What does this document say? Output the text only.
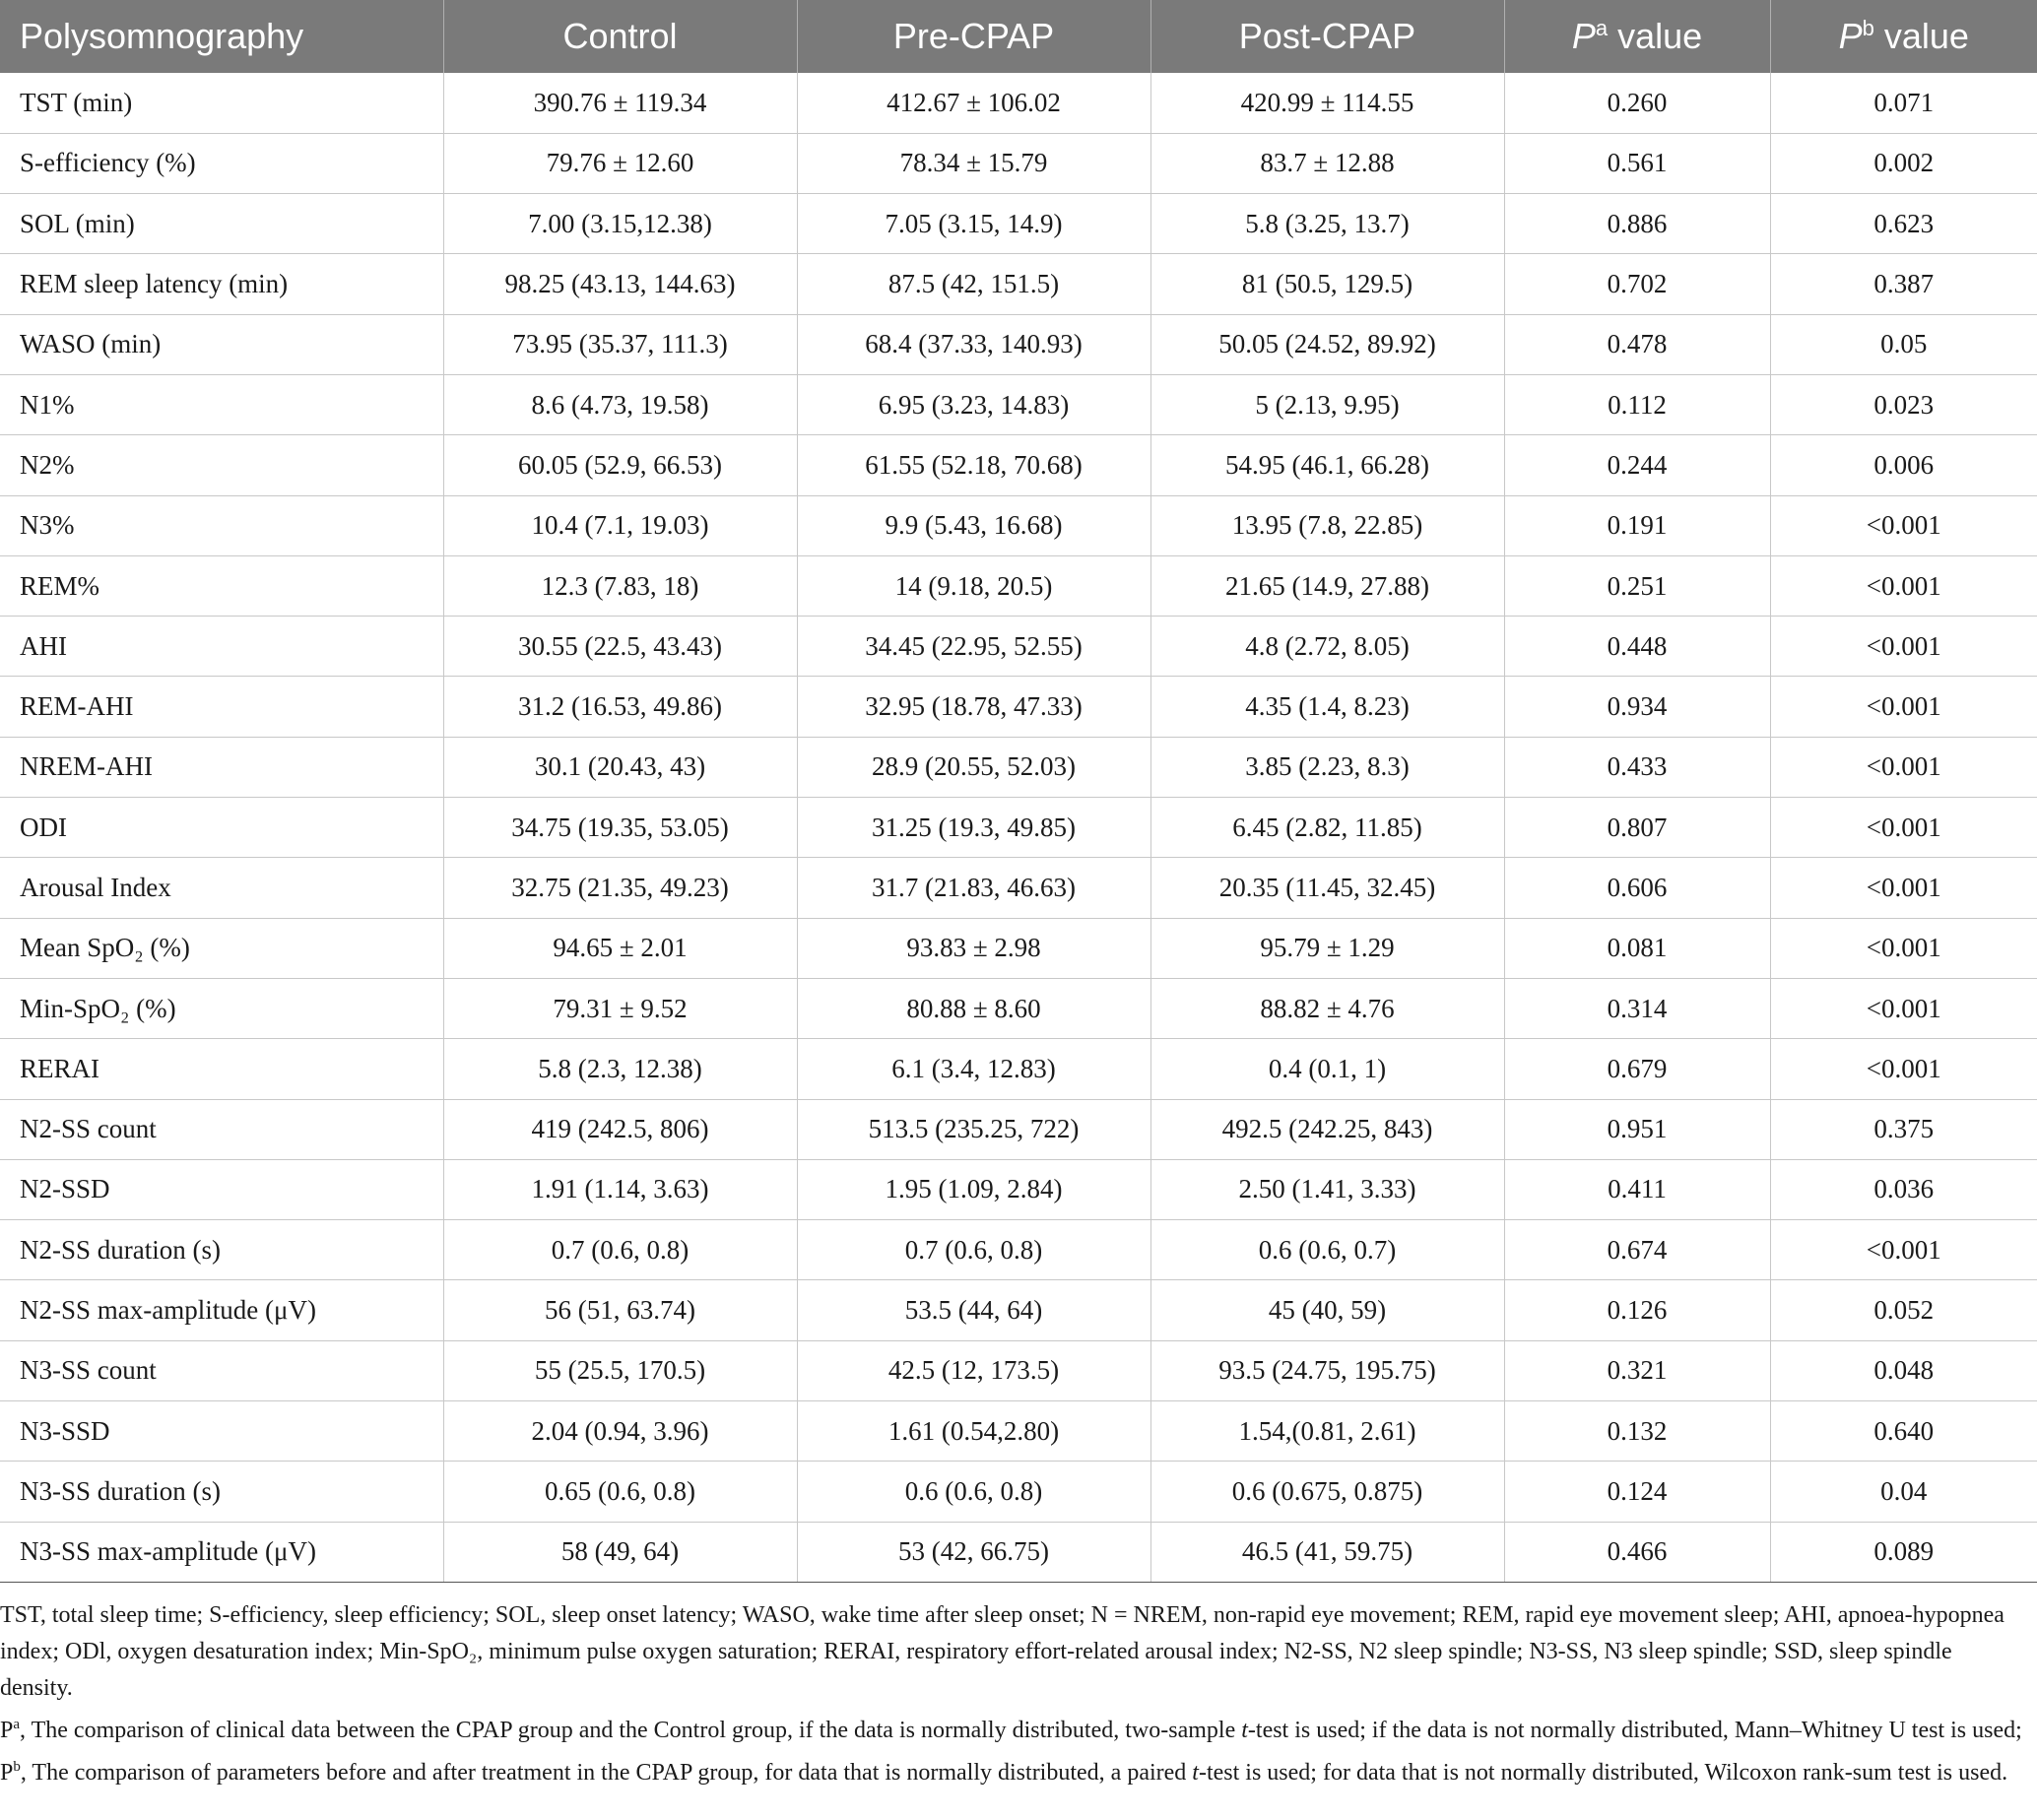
Polysomnography	Control	Pre-CPAP	Post-CPAP	$P^a$ value	$P^b$ value
TST (min)	390.76 ± 119.34	412.67 ± 106.02	420.99 ± 114.55	0.260	0.071
S-efficiency (%)	79.76 ± 12.60	78.34 ± 15.79	83.7 ± 12.88	0.561	0.002
SOL (min)	7.00 (3.15,12.38)	7.05 (3.15, 14.9)	5.8 (3.25, 13.7)	0.886	0.623
REM sleep latency (min)	98.25 (43.13, 144.63)	87.5 (42, 151.5)	81 (50.5, 129.5)	0.702	0.387
WASO (min)	73.95 (35.37, 111.3)	68.4 (37.33, 140.93)	50.05 (24.52, 89.92)	0.478	0.05
N1%	8.6 (4.73, 19.58)	6.95 (3.23, 14.83)	5 (2.13, 9.95)	0.112	0.023
N2%	60.05 (52.9, 66.53)	61.55 (52.18, 70.68)	54.95 (46.1, 66.28)	0.244	0.006
N3%	10.4 (7.1, 19.03)	9.9 (5.43, 16.68)	13.95 (7.8, 22.85)	0.191	<0.001
REM%	12.3 (7.83, 18)	14 (9.18, 20.5)	21.65 (14.9, 27.88)	0.251	<0.001
AHI	30.55 (22.5, 43.43)	34.45 (22.95, 52.55)	4.8 (2.72, 8.05)	0.448	<0.001
REM-AHI	31.2 (16.53, 49.86)	32.95 (18.78, 47.33)	4.35 (1.4, 8.23)	0.934	<0.001
NREM-AHI	30.1 (20.43, 43)	28.9 (20.55, 52.03)	3.85 (2.23, 8.3)	0.433	<0.001
ODI	34.75 (19.35, 53.05)	31.25 (19.3, 49.85)	6.45 (2.82, 11.85)	0.807	<0.001
Arousal Index	32.75 (21.35, 49.23)	31.7 (21.83, 46.63)	20.35 (11.45, 32.45)	0.606	<0.001
Mean SpO₂ (%)	94.65 ± 2.01	93.83 ± 2.98	95.79 ± 1.29	0.081	<0.001
Min-SpO₂ (%)	79.31 ± 9.52	80.88 ± 8.60	88.82 ± 4.76	0.314	<0.001
RERAI	5.8 (2.3, 12.38)	6.1 (3.4, 12.83)	0.4 (0.1, 1)	0.679	<0.001
N2-SS count	419 (242.5, 806)	513.5 (235.25, 722)	492.5 (242.25, 843)	0.951	0.375
N2-SSD	1.91 (1.14, 3.63)	1.95 (1.09, 2.84)	2.50 (1.41, 3.33)	0.411	0.036
N2-SS duration (s)	0.7 (0.6, 0.8)	0.7 (0.6, 0.8)	0.6 (0.6, 0.7)	0.674	<0.001
N2-SS max-amplitude (μV)	56 (51, 63.74)	53.5 (44, 64)	45 (40, 59)	0.126	0.052
N3-SS count	55 (25.5, 170.5)	42.5 (12, 173.5)	93.5 (24.75, 195.75)	0.321	0.048
N3-SSD	2.04 (0.94, 3.96)	1.61 (0.54,2.80)	1.54,(0.81, 2.61)	0.132	0.640
N3-SS duration (s)	0.65 (0.6, 0.8)	0.6 (0.6, 0.8)	0.6 (0.675, 0.875)	0.124	0.04
N3-SS max-amplitude (μV)	58 (49, 64)	53 (42, 66.75)	46.5 (41, 59.75)	0.466	0.089

TST, total sleep time; S-efficiency, sleep efficiency; SOL, sleep onset latency; WASO, wake time after sleep onset; N = NREM, non-rapid eye movement; REM, rapid eye movement sleep; AHI, apnoea-hypopnea index; ODl, oxygen desaturation index; Min-SpO₂, minimum pulse oxygen saturation; RERAI, respiratory effort-related arousal index; N2-SS, N2 sleep spindle; N3-SS, N3 sleep spindle; SSD, sleep spindle density.

$P^a$, The comparison of clinical data between the CPAP group and the Control group, if the data is normally distributed, two-sample t-test is used; if the data is not normally distributed, Mann–Whitney U test is used; $P^b$, The comparison of parameters before and after treatment in the CPAP group, for data that is normally distributed, a paired t-test is used; for data that is not normally distributed, Wilcoxon rank-sum test is used.
